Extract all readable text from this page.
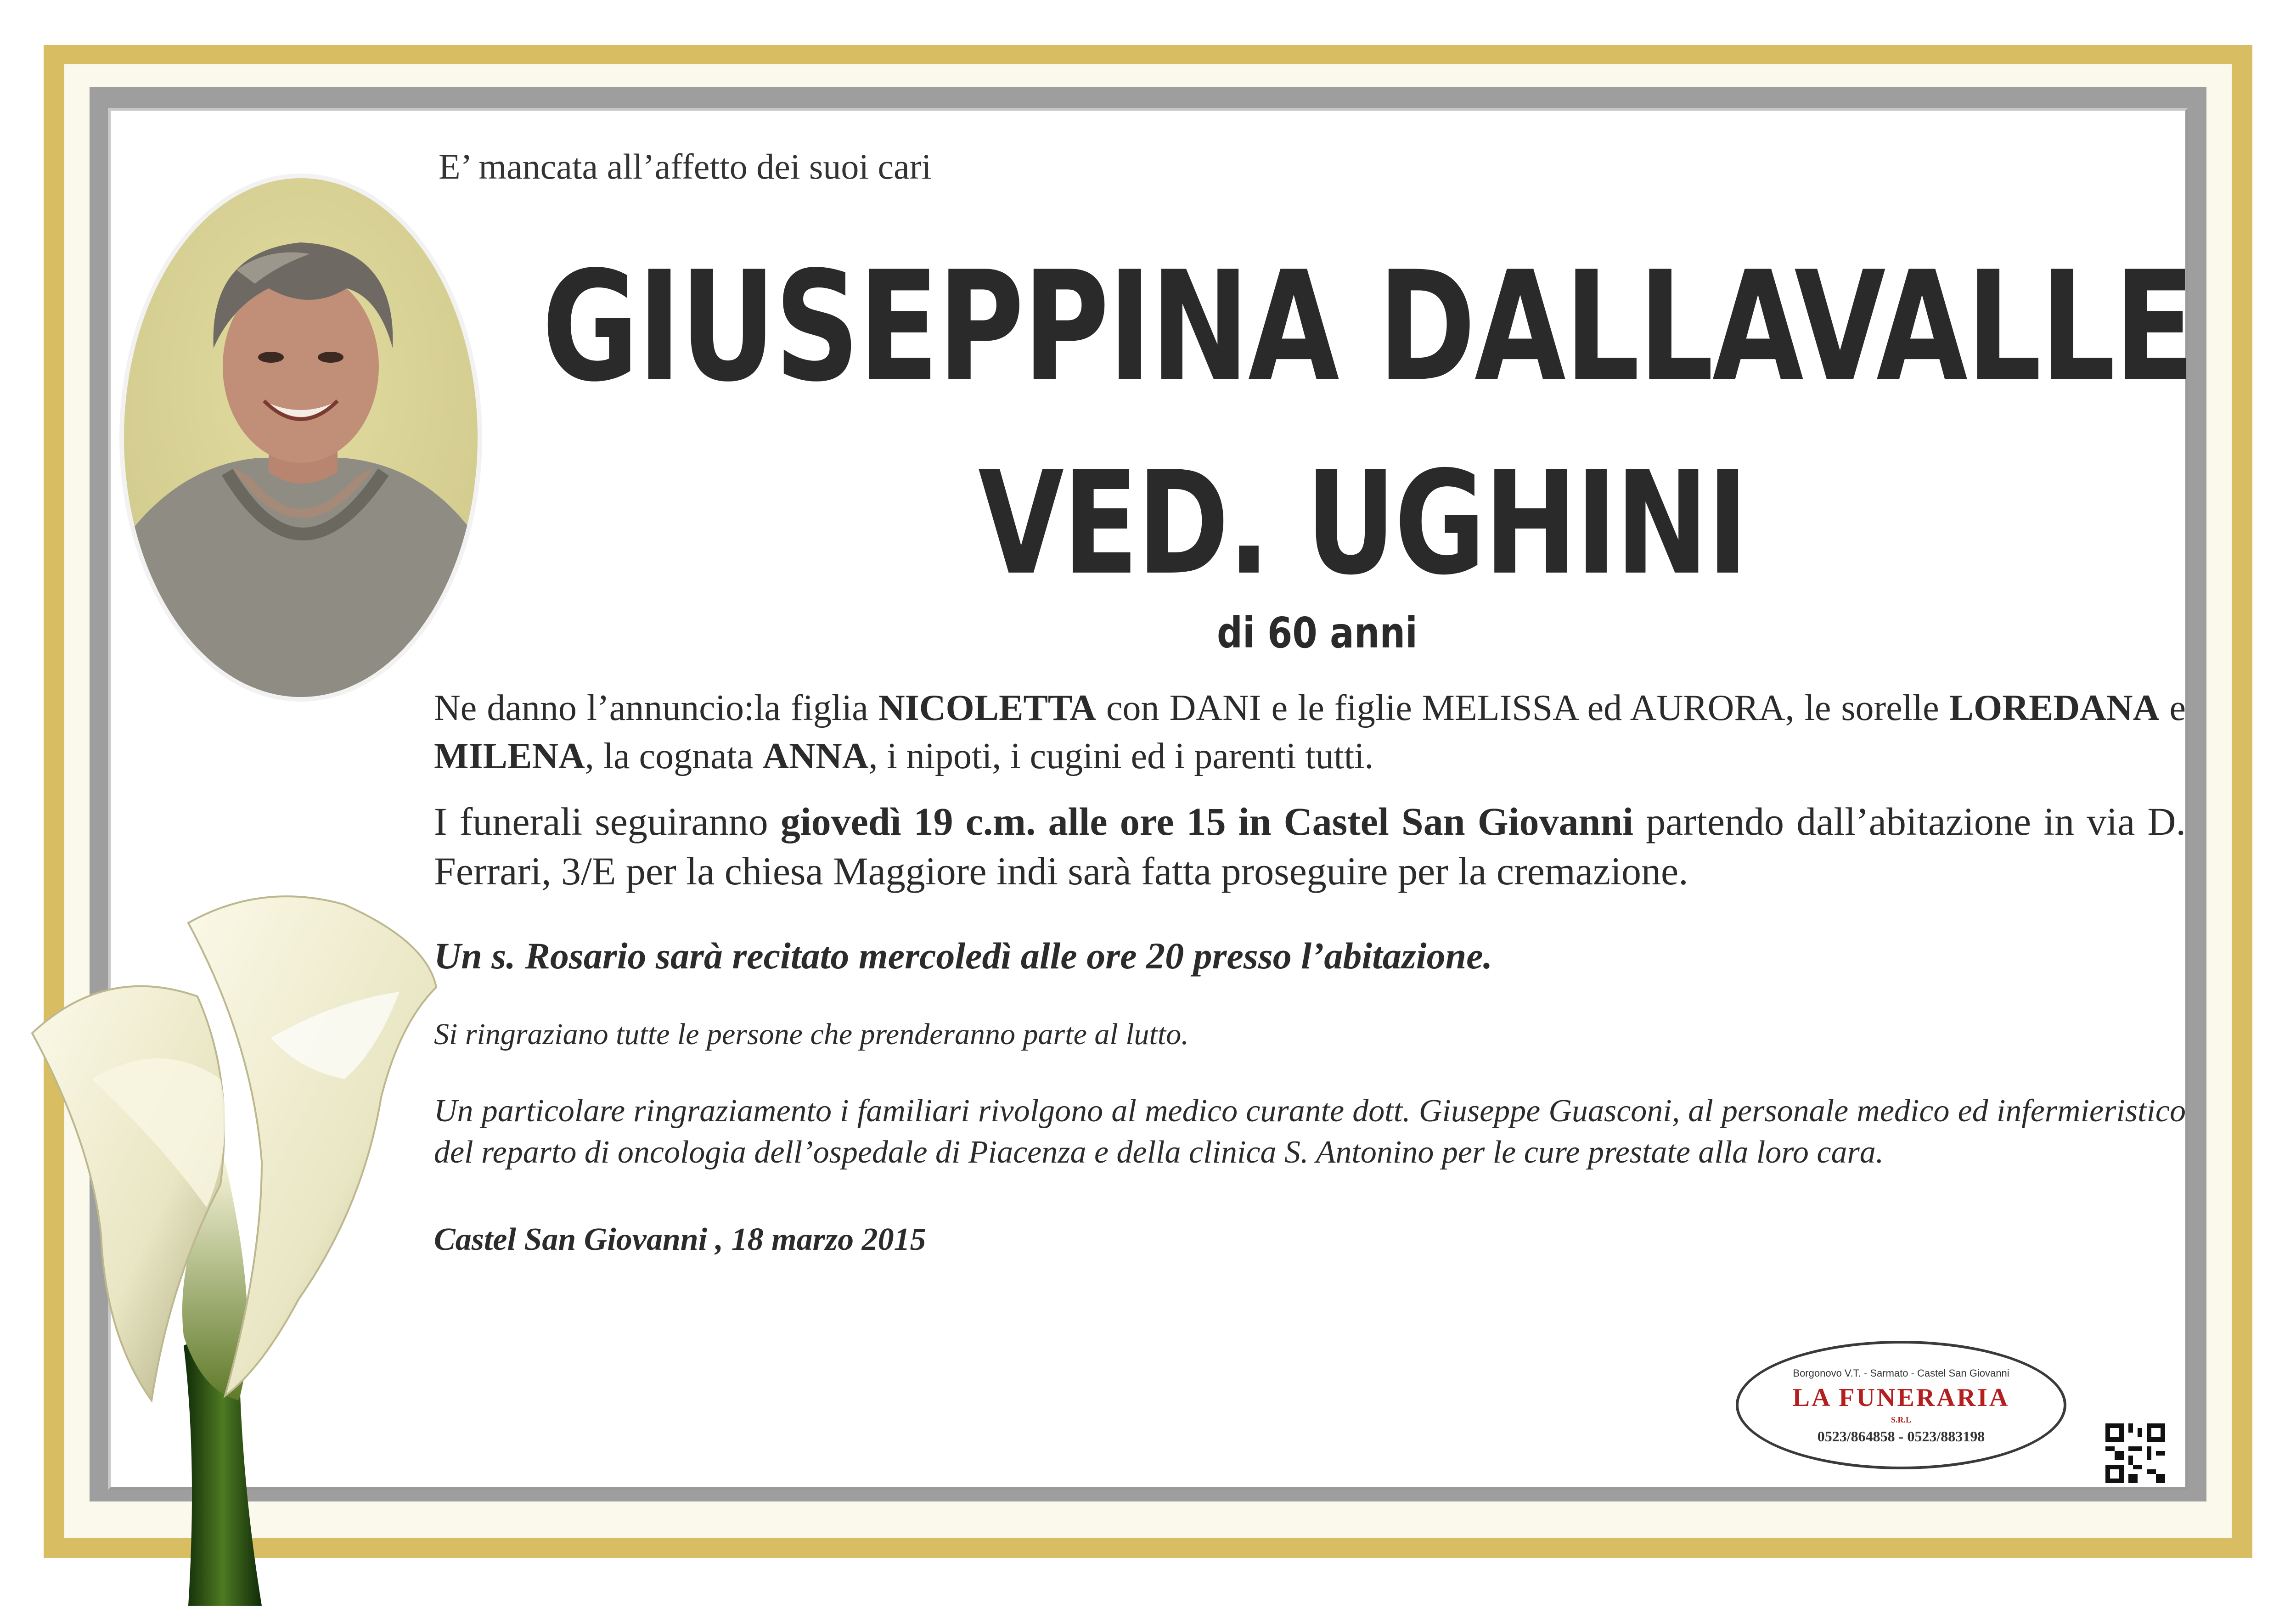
E’ mancata all’affetto dei suoi cari
GIUSEPPINA DALLAVALLE
VED. UGHINI
di 60 anni
Ne danno l’annuncio:la figlia NICOLETTA con DANI e le figlie MELISSA ed AURORA, le sorelle LOREDANA e MILENA, la cognata ANNA, i nipoti, i cugini ed i parenti tutti.
I funerali seguiranno giovedì 19 c.m. alle ore 15 in Castel San Giovanni partendo dall’abitazione in via D. Ferrari, 3/E per la chiesa Maggiore indi sarà fatta proseguire per la cremazione.
Un s. Rosario sarà recitato mercoledì alle ore 20 presso l’abitazione.
Si ringraziano tutte le persone che prenderanno parte al lutto.
Un particolare ringraziamento i familiari rivolgono al medico curante dott. Giuseppe Guasconi, al personale medico ed infermieristico del reparto di oncologia dell’ospedale di Piacenza e della clinica S. Antonino per le cure prestate alla loro cara.
Castel San Giovanni , 18 marzo 2015
Borgonovo V.T. - Sarmato - Castel San Giovanni
LA FUNERARIA
S.R.L
0523/864858 - 0523/883198
